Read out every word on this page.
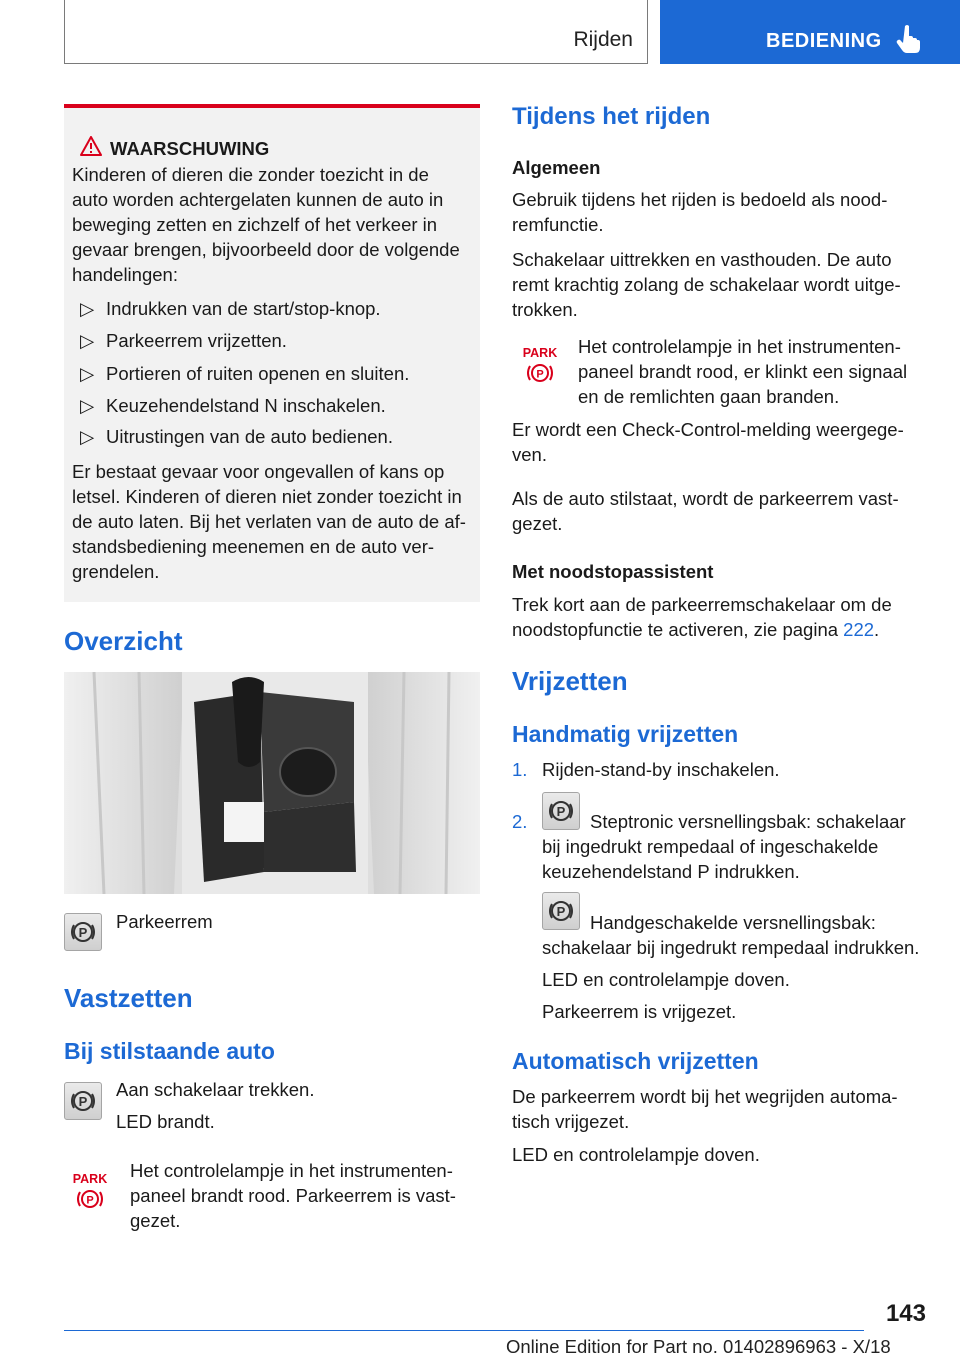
Rijden	BEDIENING
WAARSCHUWING
Kinderen of dieren die zonder toezicht in de
auto worden achtergelaten kunnen de auto in
beweging zetten en zichzelf of het verkeer in
gevaar brengen, bijvoorbeeld door de volgende
handelingen:
▷ Indrukken van de start/stop-knop.
▷ Parkeerrem vrijzetten.
▷ Portieren of ruiten openen en sluiten.
▷ Keuzehendelstand N inschakelen.
▷ Uitrustingen van de auto bedienen.
Er bestaat gevaar voor ongevallen of kans op
letsel. Kinderen of dieren niet zonder toezicht in
de auto laten. Bij het verlaten van de auto de af-
standsbediening meenemen en de auto ver-
grendelen.
Overzicht
P
Parkeerrem
Vastzetten
Bij stilstaande auto
P
Aan schakelaar trekken.
LED brandt.
PARK
P
Het controlelampje in het instrumenten-
paneel brandt rood. Parkeerrem is vast-
gezet.
Tijdens het rijden
Algemeen
Gebruik tijdens het rijden is bedoeld als nood-
remfunctie.
Schakelaar uittrekken en vasthouden. De auto
remt krachtig zolang de schakelaar wordt uitge-
trokken.
PARK
P
Het controlelampje in het instrumenten-
paneel brandt rood, er klinkt een signaal
en de remlichten gaan branden.
Er wordt een Check-Control-melding weergege-
ven.
Als de auto stilstaat, wordt de parkeerrem vast-
gezet.
Met noodstopassistent
Trek kort aan de parkeerremschakelaar om de
noodstopfunctie te activeren, zie pagina 222.
Vrijzetten
Handmatig vrijzetten
1. Rijden-stand-by inschakelen.
2. P Steptronic versnellingsbak: schakelaar
bij ingedrukt rempedaal of ingeschakelde
keuzehendelstand P indrukken.
P
Handgeschakelde versnellingsbak:
schakelaar bij ingedrukt rempedaal indrukken.
LED en controlelampje doven.
Parkeerrem is vrijgezet.
Automatisch vrijzetten
De parkeerrem wordt bij het wegrijden automa-
tisch vrijgezet.
LED en controlelampje doven.
143
Online Edition for Part no. 01402896963 - X/18
